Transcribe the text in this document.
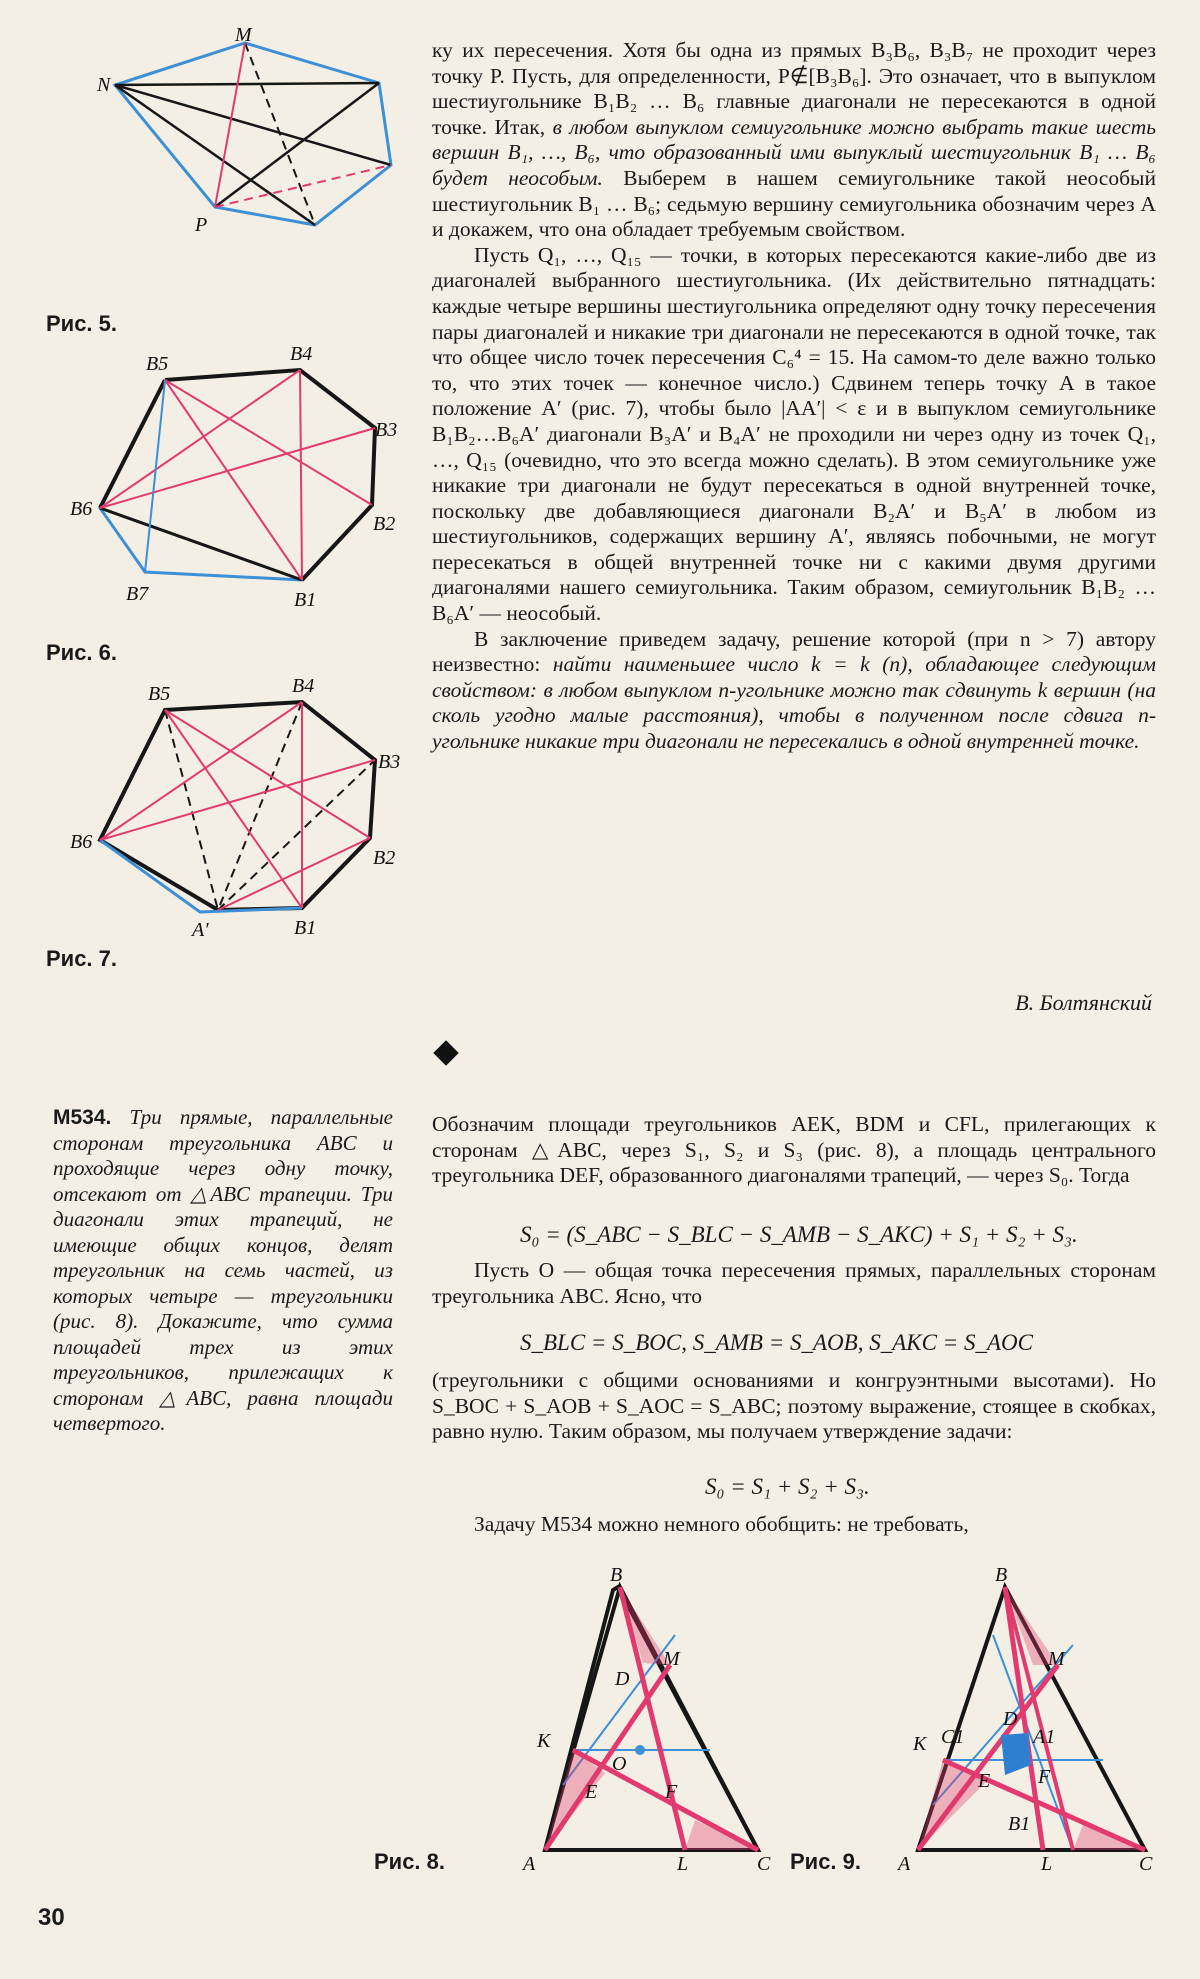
M
N
P
Рис. 5.
B5	B4
B3
B6
B2
B7	B1
Рис. 6.
B5	B4
B3
B6
B2
A′	B1
Рис. 7.

ку их пересечения. Хотя бы одна из прямых B₃B₆, B₃B₇ не проходит через точку P. Пусть, для определенности, P∉[B₃B₆]. Это означает, что в выпуклом шестиугольнике B₁B₂ … B₆ главные диагонали не пересекаются в одной точке. Итак, в любом выпуклом семиугольнике можно выбрать такие шесть вершин B₁, …, B₆, что образованный ими выпуклый шестиугольник B₁ … B₆ будет неособым. Выберем в нашем семиугольнике такой неособый шестиугольник B₁ … B₆; седьмую вершину семиугольника обозначим через A и докажем, что она обладает требуемым свойством.

Пусть Q₁, …, Q₁₅ — точки, в которых пересекаются какие-либо две из диагоналей выбранного шестиугольника. (Их действительно пятнадцать: каждые четыре вершины шестиугольника определяют одну точку пересечения пары диагоналей и никакие три диагонали не пересекаются в одной точке, так что общее число точек пересечения C₆⁴ = 15. На самом-то деле важно только то, что этих точек — конечное число.) Сдвинем теперь точку A в такое положение A′ (рис. 7), чтобы было |AA′| < ε и в выпуклом семиугольнике B₁B₂…B₆A′ диагонали B₃A′ и B₄A′ не проходили ни через одну из точек Q₁, …, Q₁₅ (очевидно, что это всегда можно сделать). В этом семиугольнике уже никакие три диагонали не будут пересекаться в одной внутренней точке, поскольку две добавляющиеся диагонали B₂A′ и B₅A′ в любом из шестиугольников, содержащих вершину A′, являясь побочными, не могут пересекаться в общей внутренней точке ни с какими двумя другими диагоналями нашего семиугольника. Таким образом, семиугольник B₁B₂ … B₆A′ — неособый.

В заключение приведем задачу, решение которой (при n > 7) автору неизвестно: найти наименьшее число k = k (n), обладающее следующим свойством: в любом выпуклом n-угольнике можно так сдвинуть k вершин (на сколь угодно малые расстояния), чтобы в полученном после сдвига n-угольнике никакие три диагонали не пересекались в одной внутренней точке.

В. Болтянский
М534. Три прямые, параллельные сторонам треугольника ABC и проходящие через одну точку, отсекают от △ABC трапеции. Три диагонали этих трапеций, не имеющие общих концов, делят треугольник на семь частей, из которых четыре — треугольники (рис. 8). Докажите, что сумма площадей трех из этих треугольников, прилежащих к сторонам △ABC, равна площади четвертого.

Обозначим площади треугольников AEK, BDM и CFL, прилегающих к сторонам △ABC, через S₁, S₂ и S₃ (рис. 8), а площадь центрального треугольника DEF, образованного диагоналями трапеций, — через S₀. Тогда

S₀ = (S_ABC − S_BLC − S_AMB − S_AKC) + S₁ + S₂ + S₃.

Пусть O — общая точка пересечения прямых, параллельных сторонам треугольника ABC. Ясно, что

S_BLC = S_BOC, S_AMB = S_AOB, S_AKC = S_AOC

(треугольники с общими основаниями и конгруэнтными высотами). Но S_BOC + S_AOB + S_AOC = S_ABC; поэтому выражение, стоящее в скобках, равно нулю. Таким образом, мы получаем утверждение задачи:

S₀ = S₁ + S₂ + S₃.

Задачу М534 можно немного обобщить: не требовать,

B
M
D
K
O
E	F
A	L	C
Рис. 8.
B
M
K C1
D
A1
E F
B1
A	L	C
Рис. 9.
30
